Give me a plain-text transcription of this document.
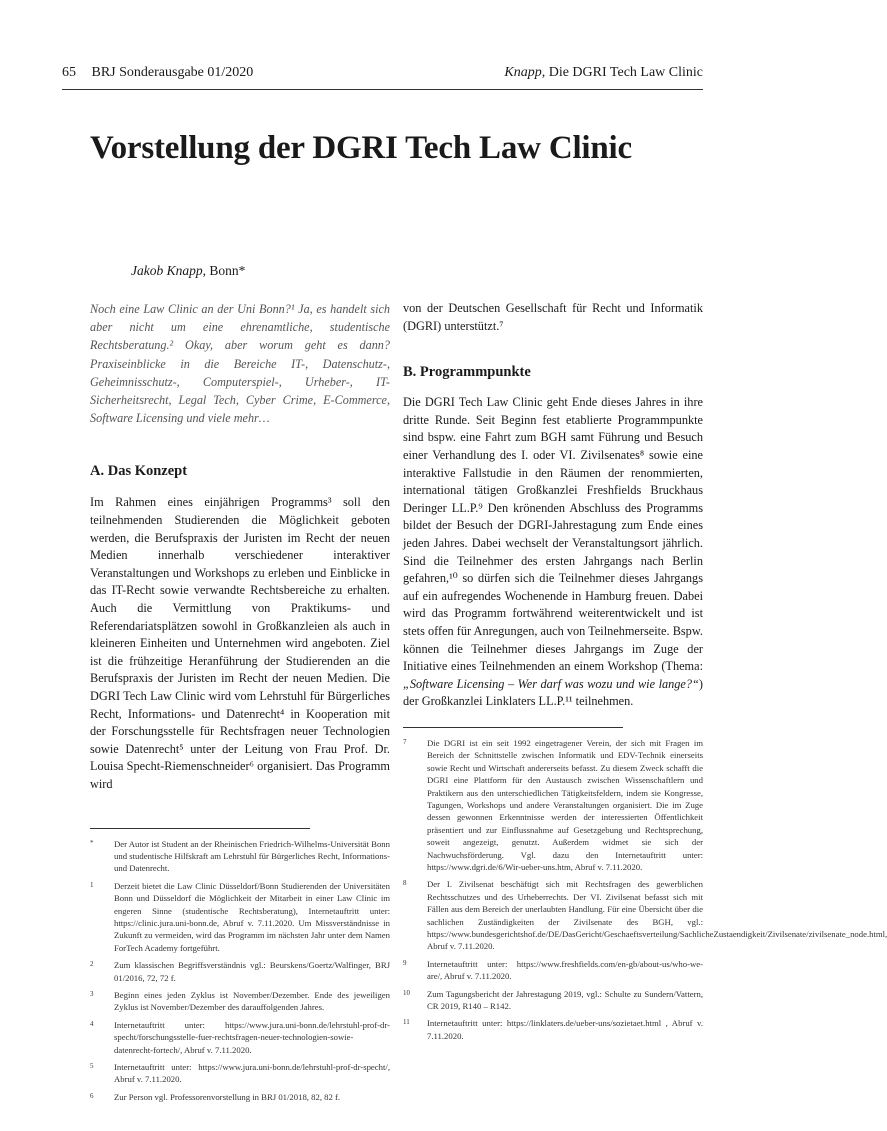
65 BRJ Sonderausgabe 01/2020	Knapp, Die DGRI Tech Law Clinic
Vorstellung der DGRI Tech Law Clinic
Jakob Knapp, Bonn*

Noch eine Law Clinic an der Uni Bonn?¹ Ja, es handelt sich aber nicht um eine ehrenamtliche, studentische Rechtsberatung.² Okay, aber worum geht es dann? Praxiseinblicke in die Bereiche IT-, Datenschutz-, Geheimnisschutz-, Computerspiel-, Urheber-, IT-Sicherheitsrecht, Legal Tech, Cyber Crime, E-Commerce, Software Licensing und viele mehr…

A. Das Konzept

Im Rahmen eines einjährigen Programms³ soll den teilnehmenden Studierenden die Möglichkeit geboten werden, die Berufspraxis der Juristen im Recht der neuen Medien innerhalb verschiedener interaktiver Veranstaltungen und Workshops zu erleben und Einblicke in das IT-Recht sowie verwandte Rechtsbereiche zu erhalten. Auch die Vermittlung von Praktikums- und Referendariatsplätzen sowohl in Großkanzleien als auch in kleineren Einheiten und Unternehmen wird angeboten. Ziel ist die frühzeitige Heranführung der Studierenden an die Berufspraxis der Juristen im Recht der neuen Medien. Die DGRI Tech Law Clinic wird vom Lehrstuhl für Bürgerliches Recht, Informations- und Datenrecht⁴ in Kooperation mit der Forschungsstelle für Rechtsfragen neuer Technologien sowie Datenrecht⁵ unter der Leitung von Frau Prof. Dr. Louisa Specht-Riemenschneider⁶ organisiert. Das Programm wird

* Der Autor ist Student an der Rheinischen Friedrich-Wilhelms-Universität Bonn und studentische Hilfskraft am Lehrstuhl für Bürgerliches Recht, Informations- und Datenrecht.
1 Derzeit bietet die Law Clinic Düsseldorf/Bonn Studierenden der Universitäten Bonn und Düsseldorf die Möglichkeit der Mitarbeit in einer Law Clinic im engeren Sinne (studentische Rechtsberatung), Internetauftritt unter: https://clinic.jura.uni-bonn.de, Abruf v. 7.11.2020. Um Missverständnisse in Zukunft zu vermeiden, wird das Programm im nächsten Jahr unter dem Namen ForTech Academy fortgeführt.
2 Zum klassischen Begriffsverständnis vgl.: Beurskens/Goertz/Walfinger, BRJ 01/2016, 72, 72 f.
3 Beginn eines jeden Zyklus ist November/Dezember. Ende des jeweiligen Zyklus ist November/Dezember des darauffolgenden Jahres.
4 Internetauftritt unter: https://www.jura.uni-bonn.de/lehrstuhl-prof-dr-specht/forschungsstelle-fuer-rechtsfragen-neuer-technologien-sowie-datenrecht-fortech/, Abruf v. 7.11.2020.
5 Internetauftritt unter: https://www.jura.uni-bonn.de/lehrstuhl-prof-dr-specht/, Abruf v. 7.11.2020.
6 Zur Person vgl. Professorenvorstellung in BRJ 01/2018, 82, 82 f.

von der Deutschen Gesellschaft für Recht und Informatik (DGRI) unterstützt.⁷

B. Programmpunkte

Die DGRI Tech Law Clinic geht Ende dieses Jahres in ihre dritte Runde. Seit Beginn fest etablierte Programmpunkte sind bspw. eine Fahrt zum BGH samt Führung und Besuch einer Verhandlung des I. oder VI. Zivilsenates⁸ sowie eine interaktive Fallstudie in den Räumen der renommierten, international tätigen Großkanzlei Freshfields Bruckhaus Deringer LL.P.⁹ Den krönenden Abschluss des Programms bildet der Besuch der DGRI-Jahrestagung zum Ende eines jeden Jahres. Dabei wechselt der Veranstaltungsort jährlich. Sind die Teilnehmer des ersten Jahrgangs nach Berlin gefahren,¹⁰ so dürfen sich die Teilnehmer dieses Jahrgangs auf ein aufregendes Wochenende in Hamburg freuen. Dabei wird das Programm fortwährend weiterentwickelt und ist stets offen für Anregungen, auch von Teilnehmerseite. Bspw. können die Teilnehmer dieses Jahrgangs im Zuge der Initiative eines Teilnehmenden an einem Workshop (Thema: „Software Licensing – Wer darf was wozu und wie lange?“) der Großkanzlei Linklaters LL.P.¹¹ teilnehmen.

7 Die DGRI ist ein seit 1992 eingetragener Verein, der sich mit Fragen im Bereich der Schnittstelle zwischen Informatik und EDV-Technik einerseits sowie Recht und Wirtschaft andererseits befasst. Zu diesem Zweck schafft die DGRI eine Plattform für den Austausch zwischen Wissenschaftlern und Praktikern aus den unterschiedlichen Tätigkeitsfeldern, indem sie Kongresse, Tagungen, Workshops und andere Veranstaltungen organisiert. Die im Zuge dessen gewonnen Erkenntnisse werden der interessierten Öffentlichkeit präsentiert und zur Einflussnahme auf Gesetzgebung und Rechtsprechung, soweit angezeigt, genutzt. Außerdem widmet sie sich der Nachwuchsförderung. Vgl. dazu den Internetauftritt unter: https://www.dgri.de/6/Wir-ueber-uns.htm, Abruf v. 7.11.2020.
8 Der I. Zivilsenat beschäftigt sich mit Rechtsfragen des gewerblichen Rechtsschutzes und des Urheberrechts. Der VI. Zivilsenat befasst sich mit Fällen aus dem Bereich der unerlaubten Handlung. Für eine Übersicht über die sachlichen Zuständigkeiten der Zivilsenate des BGH, vgl.: https://www.bundesgerichtshof.de/DE/DasGericht/Geschaeftsverteilung/SachlicheZustaendigkeit/Zivilsenate/zivilsenate_node.html, Abruf v. 7.11.2020.
9 Internetauftritt unter: https://www.freshfields.com/en-gb/about-us/who-we-are/, Abruf v. 7.11.2020.
10 Zum Tagungsbericht der Jahrestagung 2019, vgl.: Schulte zu Sundern/Vattern, CR 2019, R140 – R142.
11 Internetauftritt unter: https://linklaters.de/ueber-uns/sozietaet.html , Abruf v. 7.11.2020.
